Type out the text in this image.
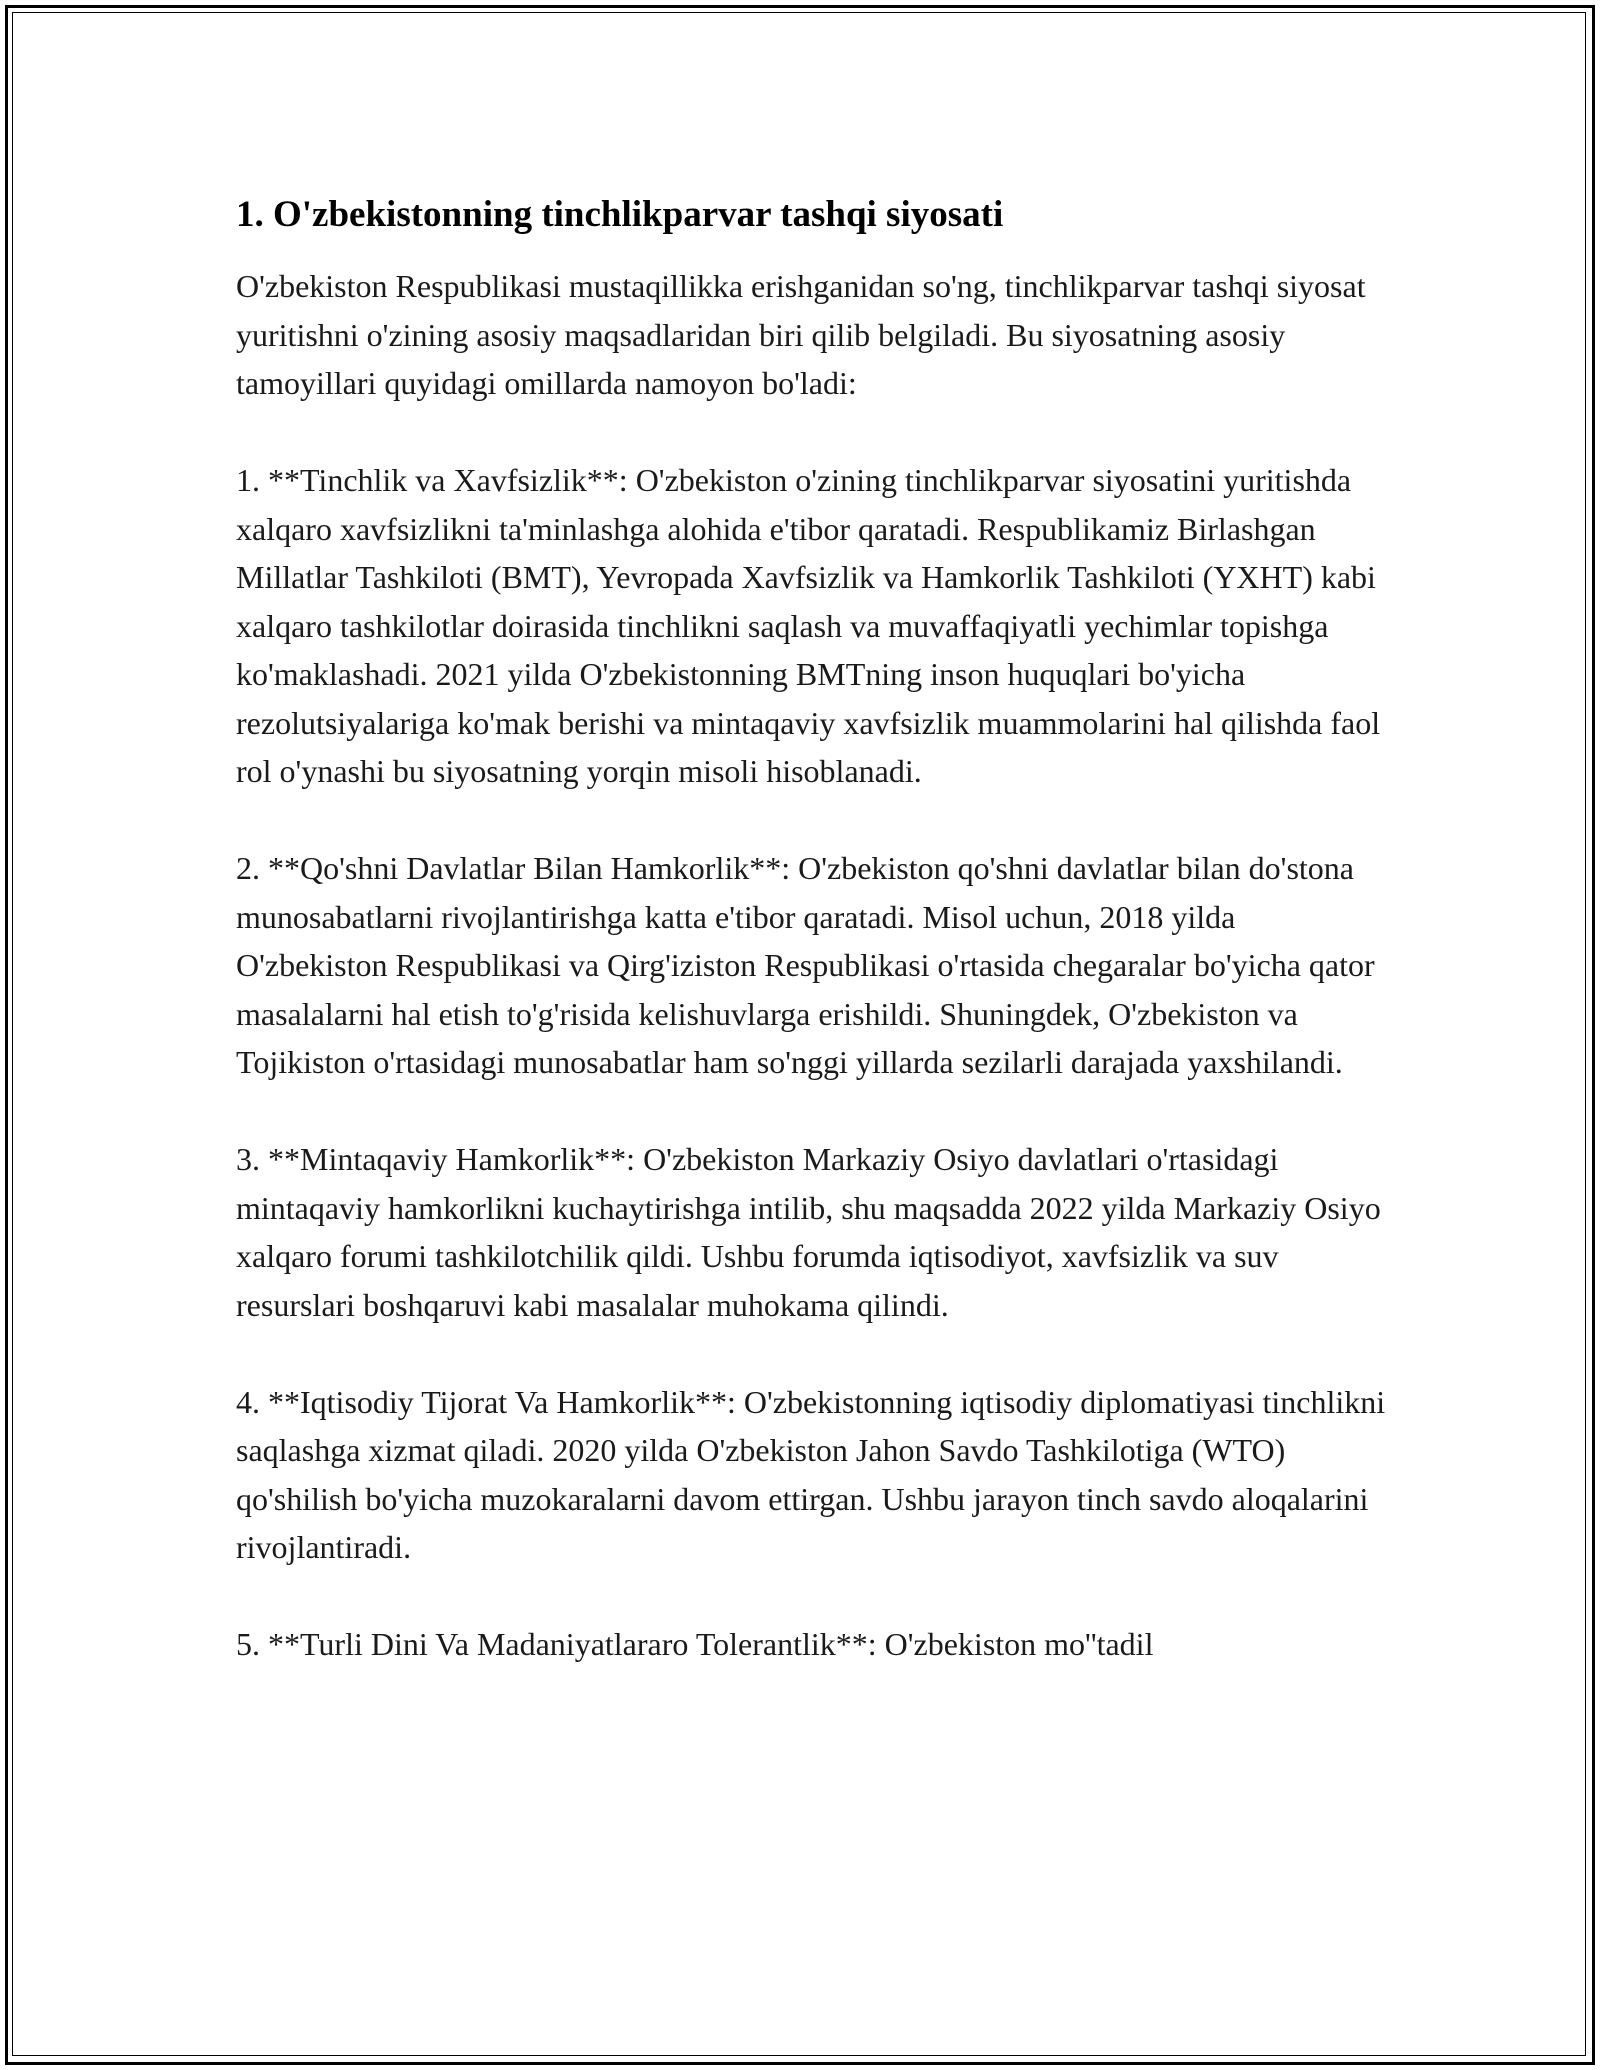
1. O'zbekistonning tinchlikparvar tashqi siyosati

O'zbekiston Respublikasi mustaqillikka erishganidan so'ng, tinchlikparvar tashqi siyosat yuritishni o'zining asosiy maqsadlaridan biri qilib belgiladi. Bu siyosatning asosiy tamoyillari quyidagi omillarda namoyon bo'ladi:

1. **Tinchlik va Xavfsizlik**: O'zbekiston o'zining tinchlikparvar siyosatini yuritishda xalqaro xavfsizlikni ta'minlashga alohida e'tibor qaratadi. Respublikamiz Birlashgan Millatlar Tashkiloti (BMT), Yevropada Xavfsizlik va Hamkorlik Tashkiloti (YXHT) kabi xalqaro tashkilotlar doirasida tinchlikni saqlash va muvaffaqiyatli yechimlar topishga ko'maklashadi. 2021 yilda O'zbekistonning BMTning inson huquqlari bo'yicha rezolutsiyalariga ko'mak berishi va mintaqaviy xavfsizlik muammolarini hal qilishda faol rol o'ynashi bu siyosatning yorqin misoli hisoblanadi.

2. **Qo'shni Davlatlar Bilan Hamkorlik**: O'zbekiston qo'shni davlatlar bilan do'stona munosabatlarni rivojlantirishga katta e'tibor qaratadi. Misol uchun, 2018 yilda O'zbekiston Respublikasi va Qirg'iziston Respublikasi o'rtasida chegaralar bo'yicha qator masalalarni hal etish to'g'risida kelishuvlarga erishildi. Shuningdek, O'zbekiston va Tojikiston o'rtasidagi munosabatlar ham so'nggi yillarda sezilarli darajada yaxshilandi.

3. **Mintaqaviy Hamkorlik**: O'zbekiston Markaziy Osiyo davlatlari o'rtasidagi mintaqaviy hamkorlikni kuchaytirishga intilib, shu maqsadda 2022 yilda Markaziy Osiyo xalqaro forumi tashkilotchilik qildi. Ushbu forumda iqtisodiyot, xavfsizlik va suv resurslari boshqaruvi kabi masalalar muhokama qilindi.

4. **Iqtisodiy Tijorat Va Hamkorlik**: O'zbekistonning iqtisodiy diplomatiyasi tinchlikni saqlashga xizmat qiladi. 2020 yilda O'zbekiston Jahon Savdo Tashkilotiga (WTO) qo'shilish bo'yicha muzokaralarni davom ettirgan. Ushbu jarayon tinch savdo aloqalarini rivojlantiradi.

5. **Turli Dini Va Madaniyatlararo Tolerantlik**: O'zbekiston mo''tadil
